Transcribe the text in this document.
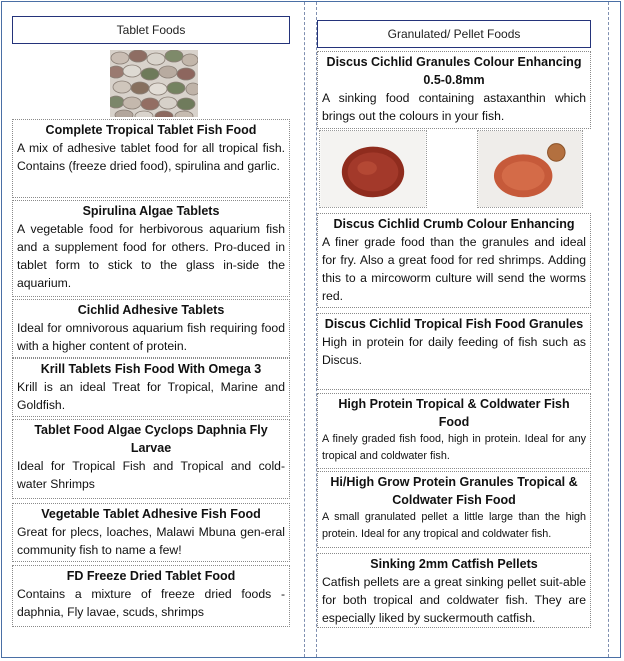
Tablet Foods
Complete Tropical Tablet Fish Food
A mix of adhesive tablet food for all tropical fish. Contains (freeze dried food), spirulina and garlic.
Spirulina Algae Tablets
A vegetable food for herbivorous aquarium fish and a supplement food for others. Pro-duced in tablet form to stick to the glass in-side the aquarium.
Cichlid Adhesive Tablets
Ideal for omnivorous aquarium fish requiring food with a higher content of protein.
Krill Tablets Fish Food With Omega 3
Krill is an ideal Treat for Tropical, Marine and Goldfish.
Tablet Food Algae Cyclops Daphnia Fly Larvae
Ideal for Tropical Fish and Tropical and cold-water Shrimps
Vegetable Tablet Adhesive Fish Food
Great for plecs, loaches, Malawi Mbuna gen-eral community fish to name a few!
FD Freeze Dried Tablet Food
Contains a mixture of freeze dried foods - daphnia, Fly lavae, scuds, shrimps
Granulated/ Pellet Foods
Discus Cichlid Granules Colour Enhancing 0.5-0.8mm
A sinking food containing astaxanthin which brings out the colours in your fish.
Discus Cichlid Crumb Colour Enhancing
A finer grade food than the granules and ideal for fry. Also a great food for red shrimps. Adding this to a mircoworm culture will send the worms red.
Discus Cichlid Tropical Fish Food Granules
High in protein for daily feeding of fish such as Discus.
High Protein Tropical & Coldwater Fish Food
A finely graded fish food, high in protein. Ideal for any tropical and coldwater fish.
Hi/High Grow Protein Granules Tropical & Coldwater Fish Food
A small granulated pellet a little large than the high protein. Ideal for any tropical and coldwater fish.
Sinking 2mm Catfish Pellets
Catfish pellets are a great sinking pellet suit-able for both tropical and coldwater fish. They are especially liked by suckermouth catfish.
